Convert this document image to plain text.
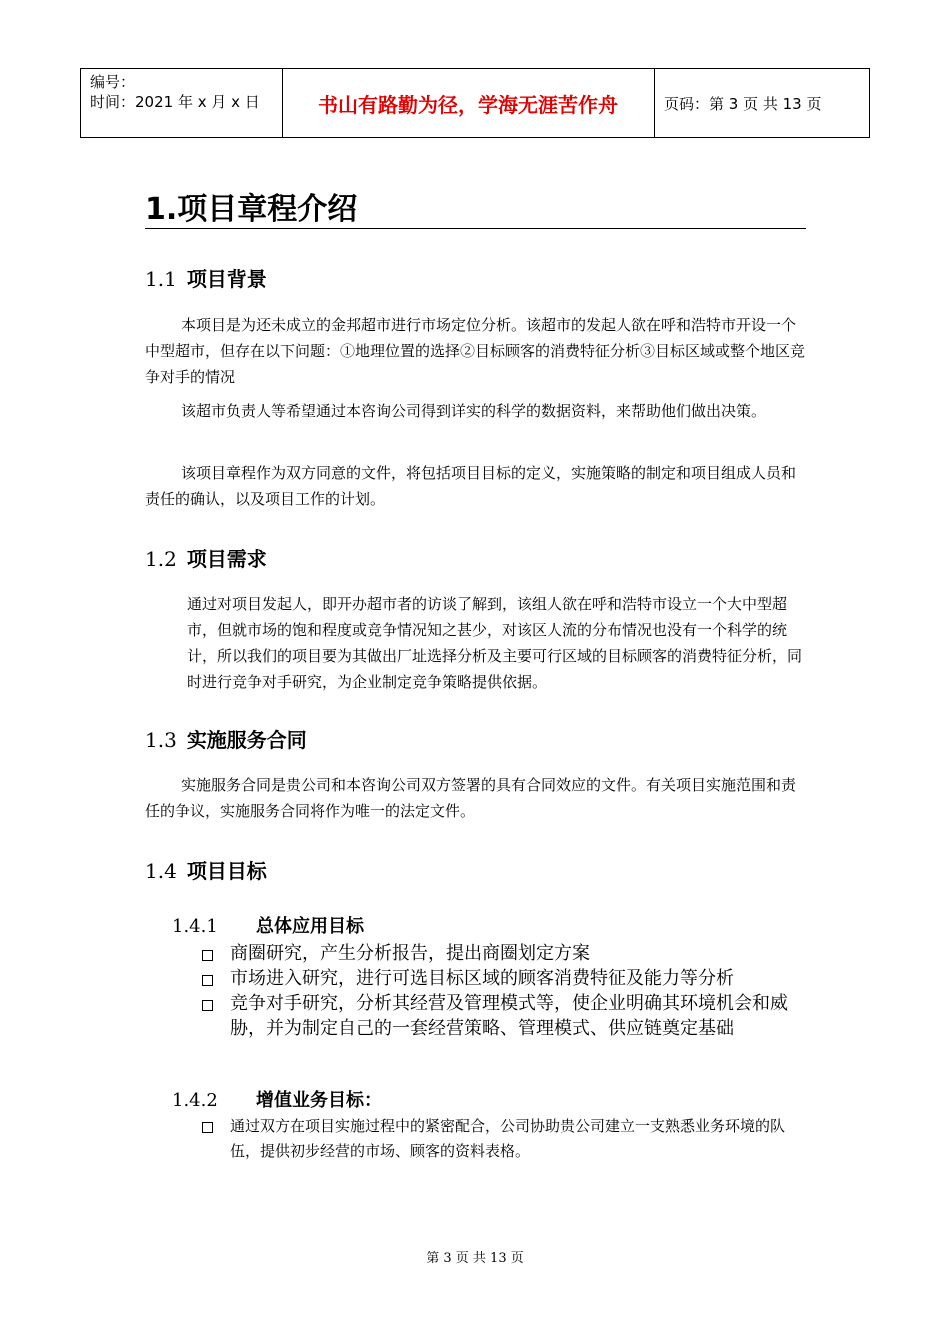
编号：
时间：2021 年 x 月 x 日	书山有路勤为径，学海无涯苦作舟	页码：第 3 页 共 13 页
1.项目章程介绍
1.1 项目背景
本项目是为还未成立的金邦超市进行市场定位分析。该超市的发起人欲在呼和浩特市开设一个中型超市，但存在以下问题：①地理位置的选择②目标顾客的消费特征分析③目标区域或整个地区竞争对手的情况
该超市负责人等希望通过本咨询公司得到详实的科学的数据资料，来帮助他们做出决策。
该项目章程作为双方同意的文件，将包括项目目标的定义，实施策略的制定和项目组成人员和责任的确认，以及项目工作的计划。
1.2 项目需求
通过对项目发起人，即开办超市者的访谈了解到，该组人欲在呼和浩特市设立一个大中型超市，但就市场的饱和程度或竞争情况知之甚少，对该区人流的分布情况也没有一个科学的统计，所以我们的项目要为其做出厂址选择分析及主要可行区域的目标顾客的消费特征分析，同时进行竞争对手研究，为企业制定竞争策略提供依据。
1.3 实施服务合同
实施服务合同是贵公司和本咨询公司双方签署的具有合同效应的文件。有关项目实施范围和责任的争议，实施服务合同将作为唯一的法定文件。
1.4 项目目标
1.4.1 总体应用目标
商圈研究，产生分析报告，提出商圈划定方案
市场进入研究，进行可选目标区域的顾客消费特征及能力等分析
竞争对手研究，分析其经营及管理模式等，使企业明确其环境机会和威胁，并为制定自己的一套经营策略、管理模式、供应链奠定基础
1.4.2 增值业务目标：
通过双方在项目实施过程中的紧密配合，公司协助贵公司建立一支熟悉业务环境的队伍，提供初步经营的市场、顾客的资料表格。
第 3 页 共 13 页
